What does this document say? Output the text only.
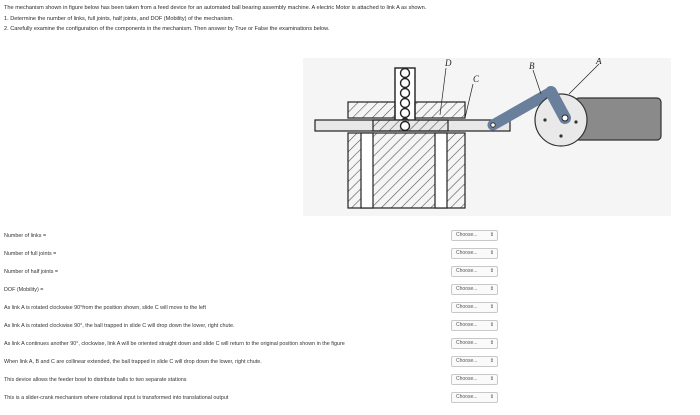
The mechanism shown in figure below has been taken from a feed device for an automated ball bearing assembly machine. A electric Motor is attached to link A as shown.

1. Determine the number of links, full joints, half joints, and DOF (Mobility) of the mechanism.

2. Carefully examine the configuration of the components in the mechanism. Then answer by True or False the examinations below.

D
C
B	A
Number of links =	Choose... ⇕
Number of full joints =	Choose... ⇕
Number of half joints =	Choose... ⇕
DOF (Mobility) =	Choose... ⇕
As link A is rotated clockwise 90°from the position shown, slide C will move to the left	Choose... ⇕
As link A is rotated clockwise 90°, the ball trapped in slide C will drop down the lower, right chute.	Choose... ⇕
As link A continues another 90°, clockwise, link A will be oriented straight down and slide C will return to the original position shown in the figure	Choose... ⇕
When link A, B and C are collinear extended, the ball trapped in slide C will drop down the lower, right chute.	Choose... ⇕
This device allows the feeder bowl to distribute balls to two separate stations	Choose... ⇕
This is a slider-crank mechanism where rotational input is transformed into translational output	Choose... ⇕
